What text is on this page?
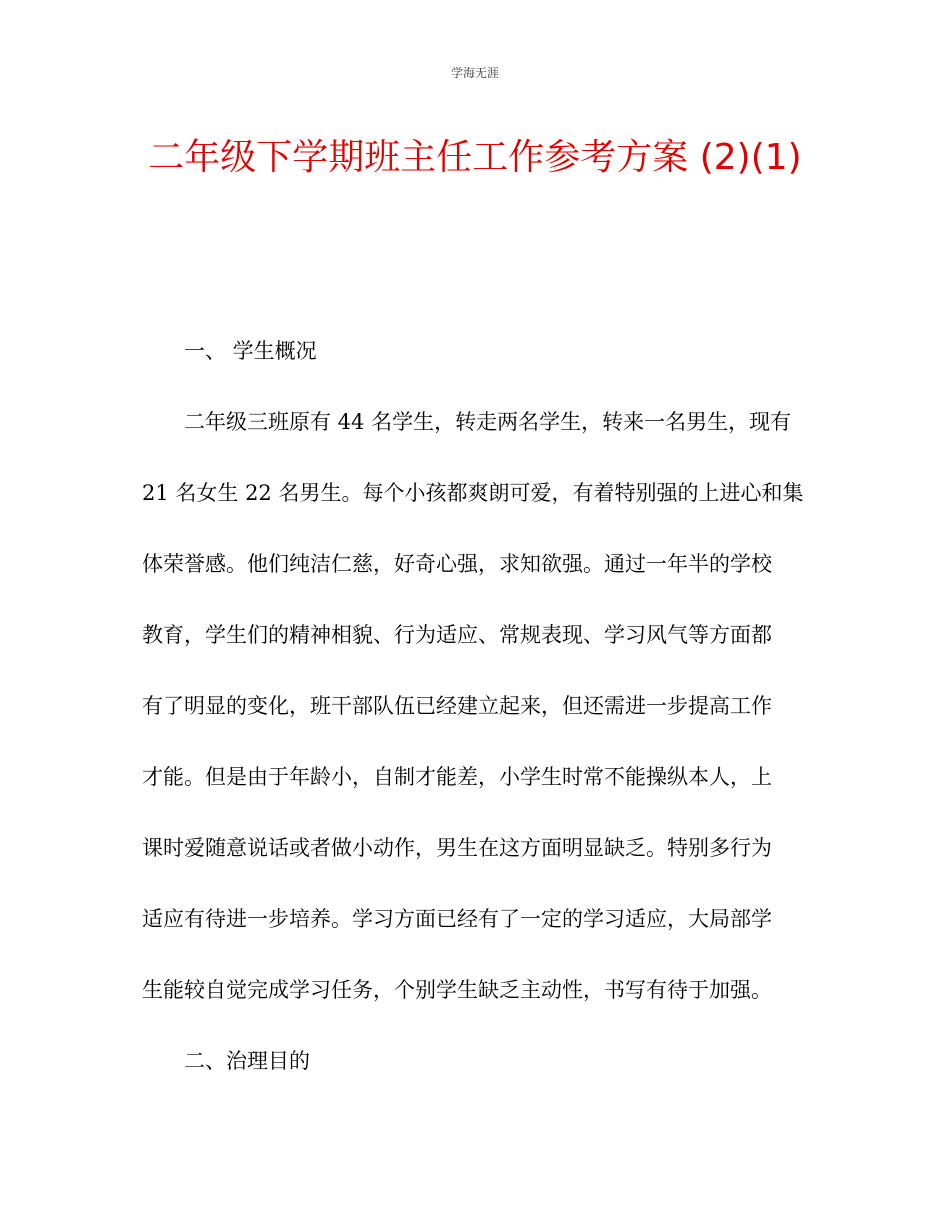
学海无涯
二年级下学期班主任工作参考方案 (2)(1)
一、 学生概况
二年级三班原有 44 名学生，转走两名学生，转来一名男生，现有
21 名女生 22 名男生。每个小孩都爽朗可爱，有着特别强的上进心和集
体荣誉感。他们纯洁仁慈，好奇心强，求知欲强。通过一年半的学校
教育，学生们的精神相貌、行为适应、常规表现、学习风气等方面都
有了明显的变化，班干部队伍已经建立起来，但还需进一步提高工作
才能。但是由于年龄小，自制才能差，小学生时常不能操纵本人，上
课时爱随意说话或者做小动作，男生在这方面明显缺乏。特别多行为
适应有待进一步培养。学习方面已经有了一定的学习适应，大局部学
生能较自觉完成学习任务，个别学生缺乏主动性，书写有待于加强。
二、治理目的
